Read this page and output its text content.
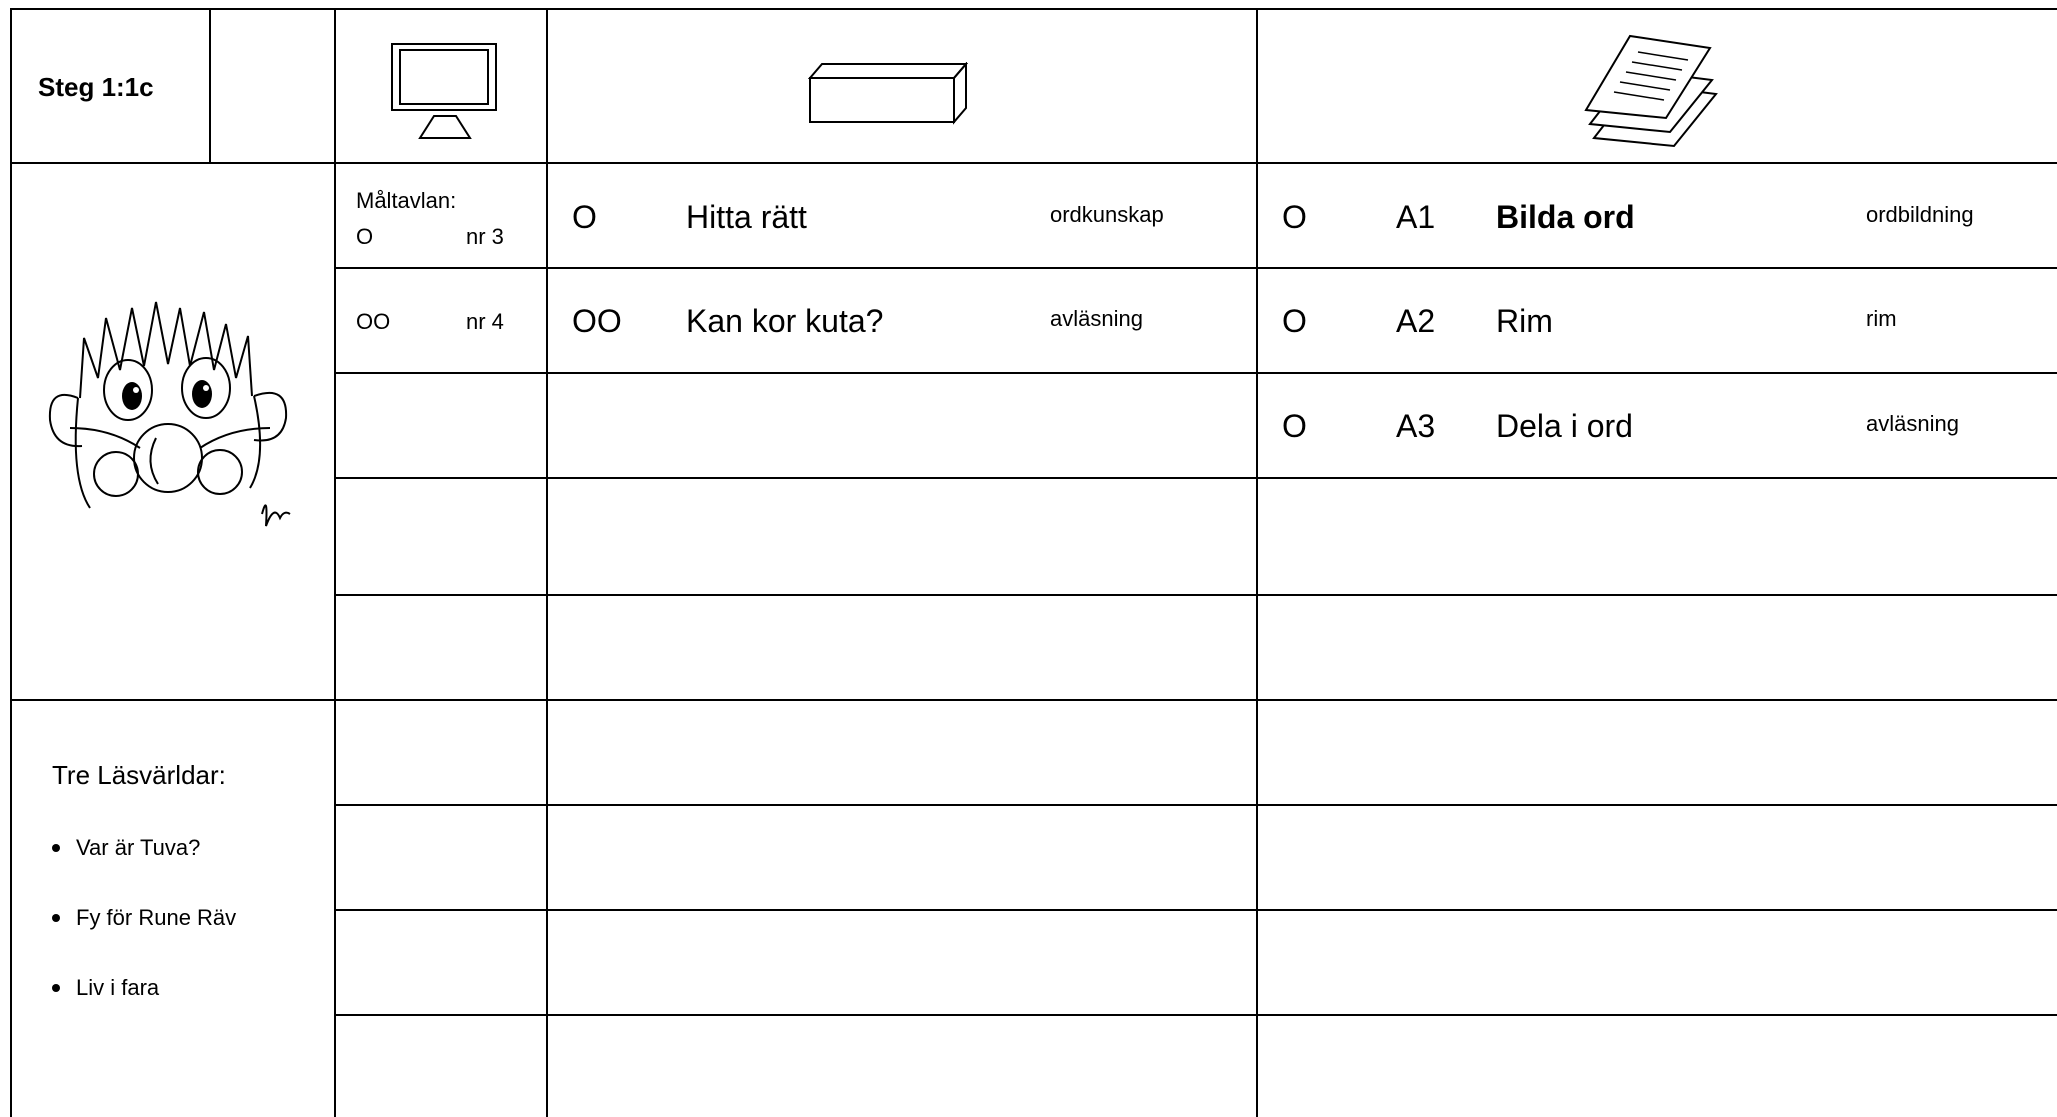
Steg 1:1c
Måltavlan:
O	nr 3
OO	nr 4
O	Hitta rätt	ordkunskap
OO Kan kor kuta?	avläsning
O	A1 Bilda ord	ordbildning
O	A2 Rim	rim
O	A3 Dela i ord	avläsning
Tre Läsvärldar:
Var är Tuva?
Fy för Rune Räv
Liv i fara
